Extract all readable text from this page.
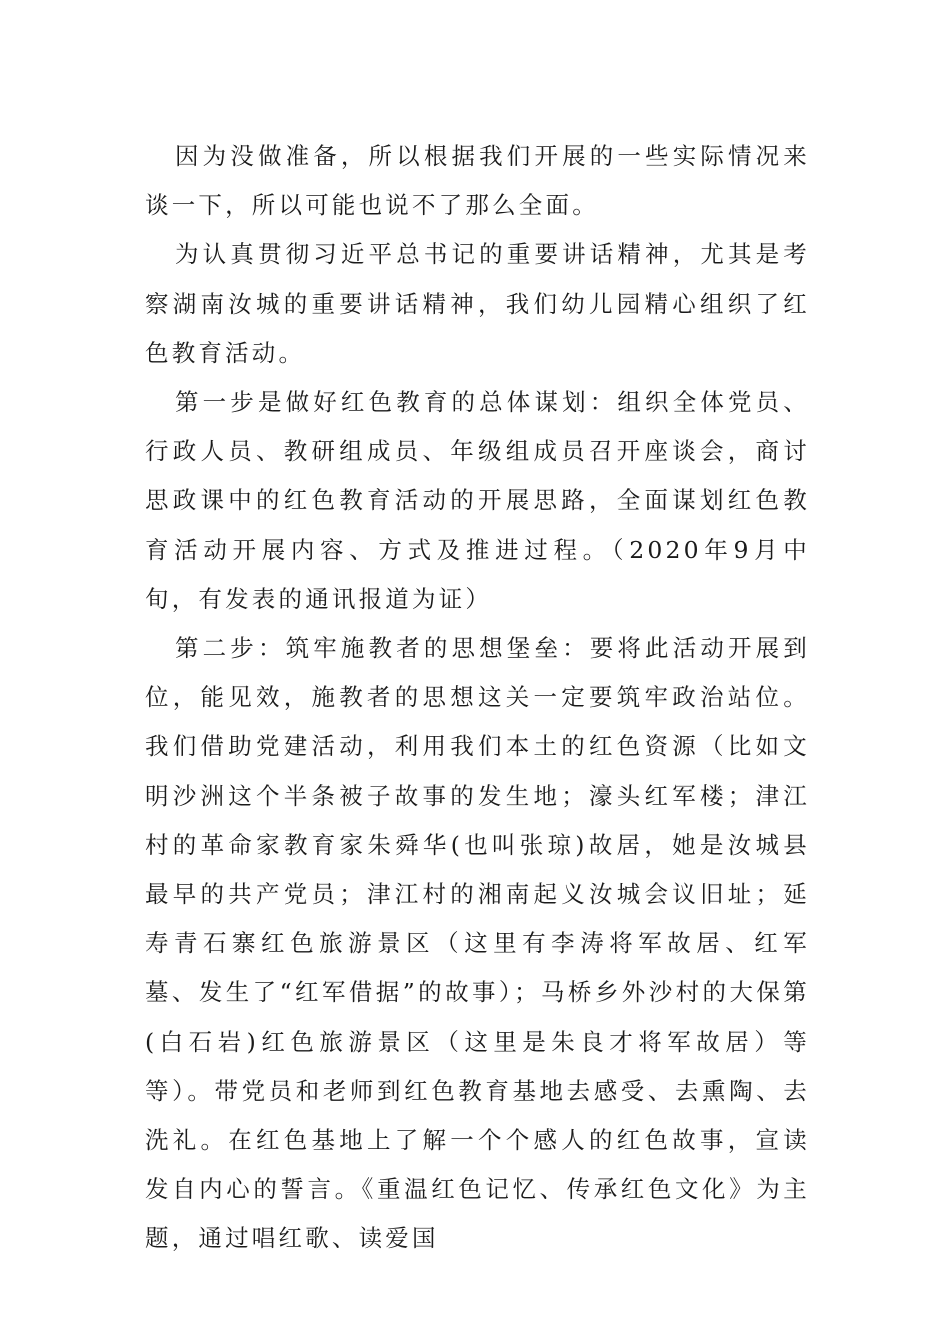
因为没做准备，所以根据我们开展的一些实际情况来谈一下，所以可能也说不了那么全面。

为认真贯彻习近平总书记的重要讲话精神，尤其是考察湖南汝城的重要讲话精神，我们幼儿园精心组织了红色教育活动。

第一步是做好红色教育的总体谋划：组织全体党员、行政人员、教研组成员、年级组成员召开座谈会，商讨思政课中的红色教育活动的开展思路，全面谋划红色教育活动开展内容、方式及推进过程。（2020年9月中旬，有发表的通讯报道为证）

第二步：筑牢施教者的思想堡垒：要将此活动开展到位，能见效，施教者的思想这关一定要筑牢政治站位。我们借助党建活动，利用我们本土的红色资源（比如文明沙洲这个半条被子故事的发生地；濠头红军楼；津江村的革命家教育家朱舜华(也叫张琼)故居，她是汝城县最早的共产党员；津江村的湘南起义汝城会议旧址；延寿青石寨红色旅游景区（这里有李涛将军故居、红军墓、发生了“红军借据”的故事）；马桥乡外沙村的大保第(白石岩)红色旅游景区（这里是朱良才将军故居）等等）。带党员和老师到红色教育基地去感受、去熏陶、去洗礼。在红色基地上了解一个个感人的红色故事，宣读发自内心的誓言。《重温红色记忆、传承红色文化》为主题，通过唱红歌、读爱国
